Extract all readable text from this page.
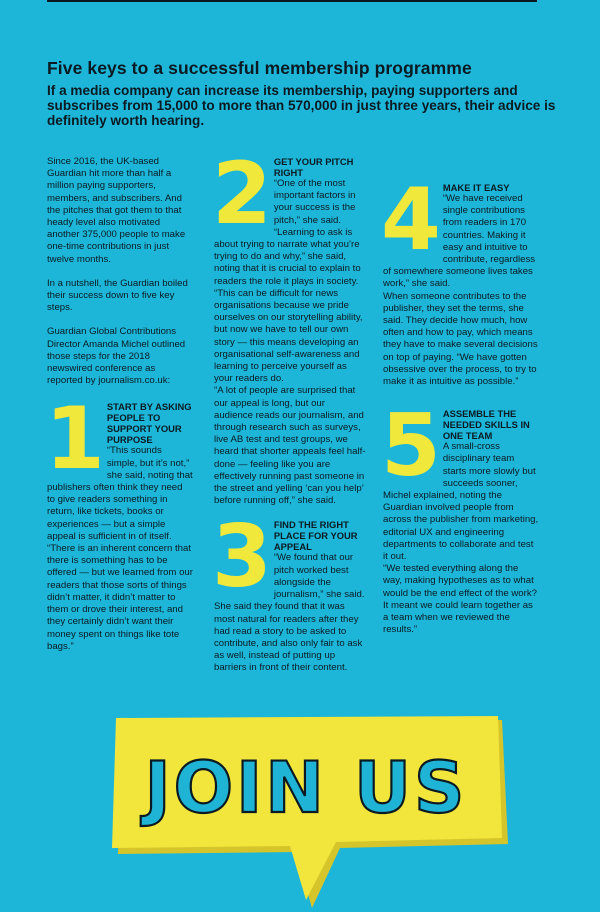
Five keys to a successful membership programme

If a media company can increase its membership, paying supporters and subscribes from 15,000 to more than 570,000 in just three years, their advice is definitely worth hearing.

Since 2016, the UK-based Guardian hit more than half a million paying supporters, members, and subscribers. And the pitches that got them to that heady level also motivated another 375,000 people to make one-time contributions in just twelve months.

In a nutshell, the Guardian boiled their success down to five key steps.

Guardian Global Contributions Director Amanda Michel outlined those steps for the 2018 newswired conference as reported by journalism.co.uk:

1 START BY ASKING PEOPLE TO SUPPORT YOUR PURPOSE

“This sounds simple, but it’s not,” she said, noting that publishers often think they need to give readers something in return, like tickets, books or experiences — but a simple appeal is sufficient in of itself.

“There is an inherent concern that there is something has to be offered — but we learned from our readers that those sorts of things didn’t matter, it didn’t matter to them or drove their interest, and they certainly didn’t want their money spent on things like tote bags.”

2 GET YOUR PITCH RIGHT

“One of the most important factors in your success is the pitch,” she said.

“Learning to ask is about trying to narrate what you’re trying to do and why,” she said, noting that it is crucial to explain to readers the role it plays in society.

“This can be difficult for news organisations because we pride ourselves on our storytelling ability, but now we have to tell our own story — this means developing an organisational self-awareness and learning to perceive yourself as your readers do.

“A lot of people are surprised that our appeal is long, but our audience reads our journalism, and through research such as surveys, live AB test and test groups, we heard that shorter appeals feel half-done — feeling like you are effectively running past someone in the street and yelling ‘can you help’ before running off,” she said.

3 FIND THE RIGHT PLACE FOR YOUR APPEAL

“We found that our pitch worked best alongside the journalism,” she said. She said they found that it was most natural for readers after they had read a story to be asked to contribute, and also only fair to ask as well, instead of putting up barriers in front of their content.

4 MAKE IT EASY

“We have received single contributions from readers in 170 countries. Making it easy and intuitive to contribute, regardless of somewhere someone lives takes work,” she said.

When someone contributes to the publisher, they set the terms, she said. They decide how much, how often and how to pay, which means they have to make several decisions on top of paying. “We have gotten obsessive over the process, to try to make it as intuitive as possible.”

5 ASSEMBLE THE NEEDED SKILLS IN ONE TEAM

A small-cross disciplinary team starts more slowly but succeeds sooner, Michel explained, noting the Guardian involved people from across the publisher from marketing, editorial UX and engineering departments to collaborate and test it out.

“We tested everything along the way, making hypotheses as to what would be the end effect of the work? It meant we could learn together as a team when we reviewed the results.”

JOIN US
